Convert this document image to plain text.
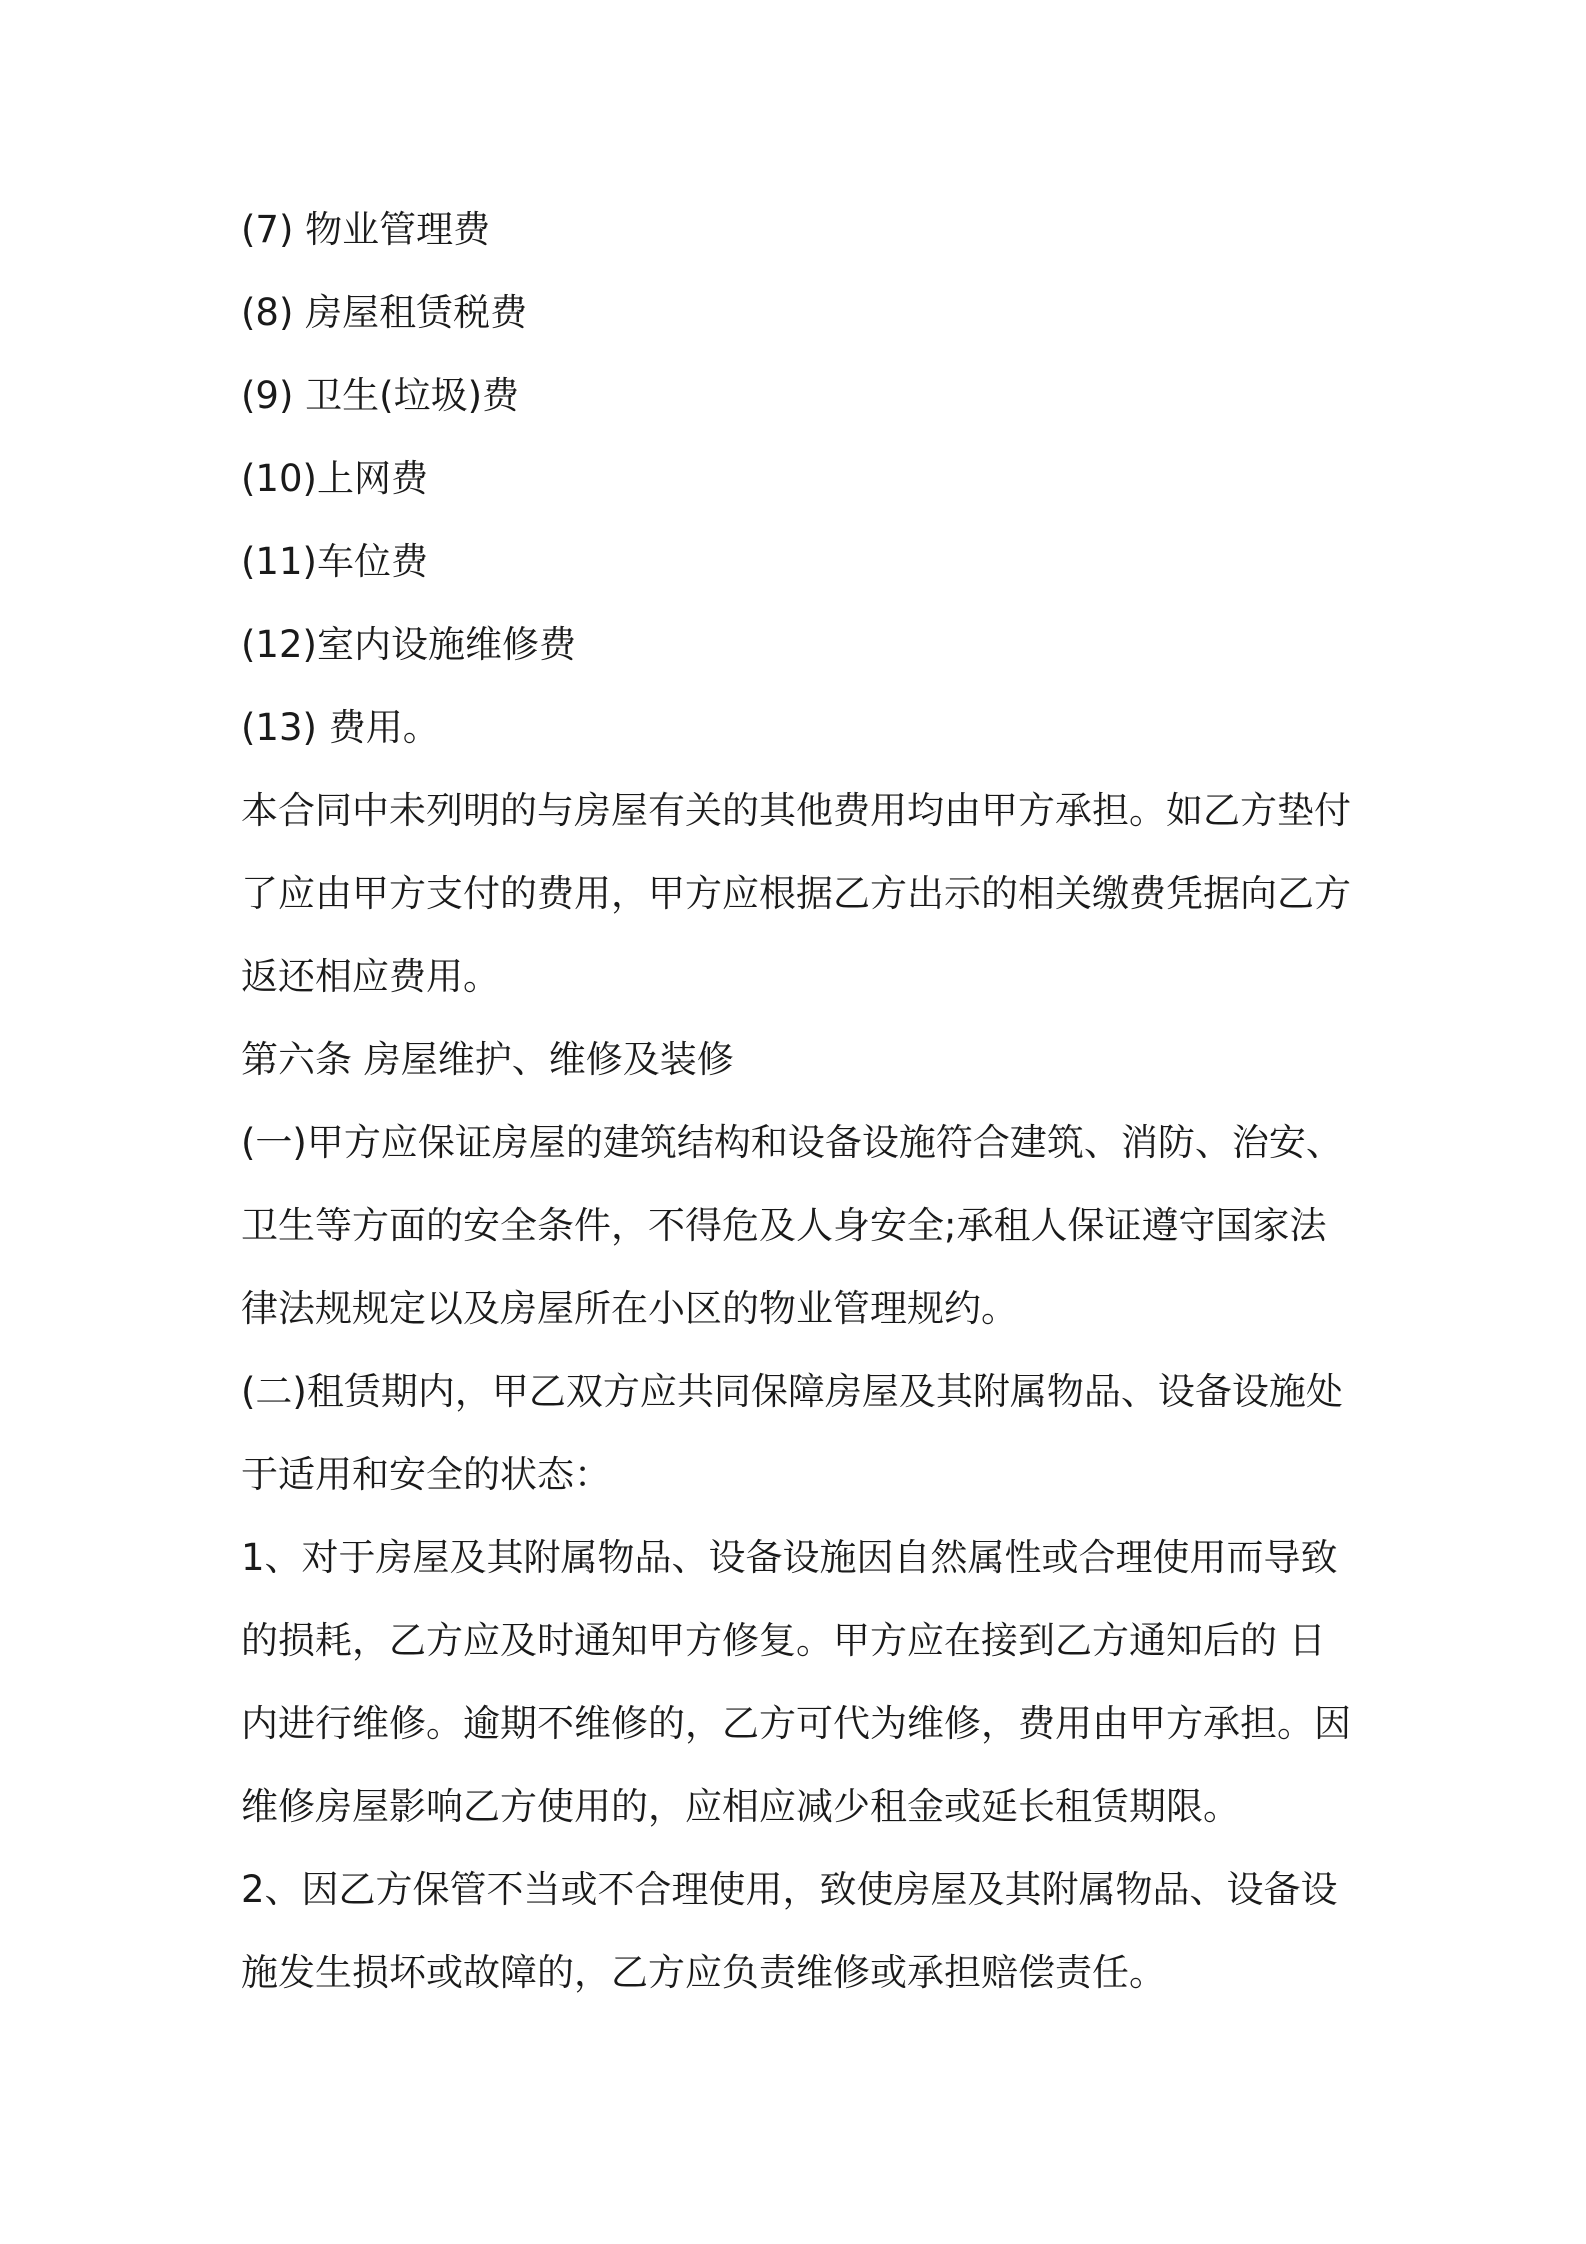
(7) 物业管理费

(8) 房屋租赁税费

(9) 卫生(垃圾)费

(10)上网费

(11)车位费

(12)室内设施维修费

(13) 费用。

本合同中未列明的与房屋有关的其他费用均由甲方承担。如乙方垫付

了应由甲方支付的费用，甲方应根据乙方出示的相关缴费凭据向乙方

返还相应费用。

第六条 房屋维护、维修及装修

(一)甲方应保证房屋的建筑结构和设备设施符合建筑、消防、治安、

卫生等方面的安全条件，不得危及人身安全;承租人保证遵守国家法

律法规规定以及房屋所在小区的物业管理规约。

(二)租赁期内，甲乙双方应共同保障房屋及其附属物品、设备设施处

于适用和安全的状态：

1、对于房屋及其附属物品、设备设施因自然属性或合理使用而导致

的损耗，乙方应及时通知甲方修复。甲方应在接到乙方通知后的 日

内进行维修。逾期不维修的，乙方可代为维修，费用由甲方承担。因

维修房屋影响乙方使用的，应相应减少租金或延长租赁期限。

2、因乙方保管不当或不合理使用，致使房屋及其附属物品、设备设

施发生损坏或故障的，乙方应负责维修或承担赔偿责任。
